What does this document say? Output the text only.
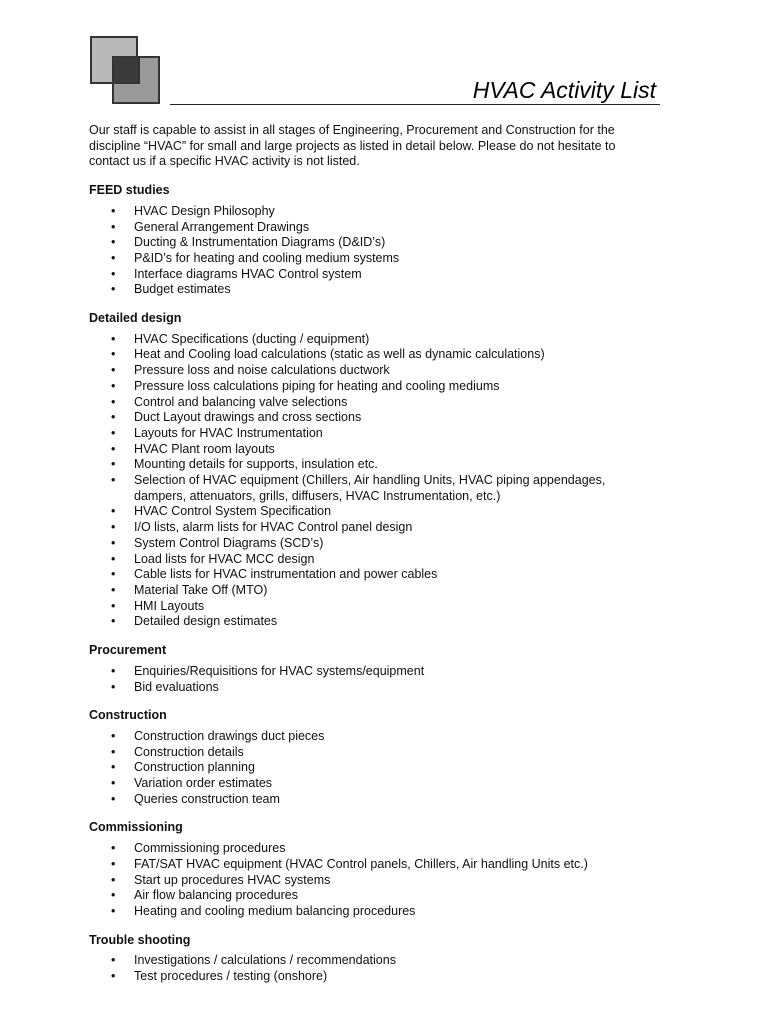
HVAC Activity List

Our staff is capable to assist in all stages of Engineering, Procurement and Construction for the discipline “HVAC” for small and large projects as listed in detail below. Please do not hesitate to contact us if a specific HVAC activity is not listed.

FEED studies
•	HVAC Design Philosophy
•	General Arrangement Drawings
•	Ducting & Instrumentation Diagrams (D&ID’s)
•	P&ID’s for heating and cooling medium systems
•	Interface diagrams HVAC Control system
•	Budget estimates
Detailed design
•	HVAC Specifications (ducting / equipment)
•	Heat and Cooling load calculations (static as well as dynamic calculations)
•	Pressure loss and noise calculations ductwork
•	Pressure loss calculations piping for heating and cooling mediums
•	Control and balancing valve selections
•	Duct Layout drawings and cross sections
•	Layouts for HVAC Instrumentation
•	HVAC Plant room layouts
•	Mounting details for supports, insulation etc.
•	Selection of HVAC equipment (Chillers, Air handling Units, HVAC piping appendages, dampers, attenuators, grills, diffusers, HVAC Instrumentation, etc.)
•	HVAC Control System Specification
•	I/O lists, alarm lists for HVAC Control panel design
•	System Control Diagrams (SCD’s)
•	Load lists for HVAC MCC design
•	Cable lists for HVAC instrumentation and power cables
•	Material Take Off (MTO)
•	HMI Layouts
•	Detailed design estimates
Procurement
•	Enquiries/Requisitions for HVAC systems/equipment
•	Bid evaluations
Construction
•	Construction drawings duct pieces
•	Construction details
•	Construction planning
•	Variation order estimates
•	Queries construction team
Commissioning
•	Commissioning procedures
•	FAT/SAT HVAC equipment (HVAC Control panels, Chillers, Air handling Units etc.)
•	Start up procedures HVAC systems
•	Air flow balancing procedures
•	Heating and cooling medium balancing procedures
Trouble shooting
•	Investigations / calculations / recommendations
•	Test procedures / testing (onshore)
